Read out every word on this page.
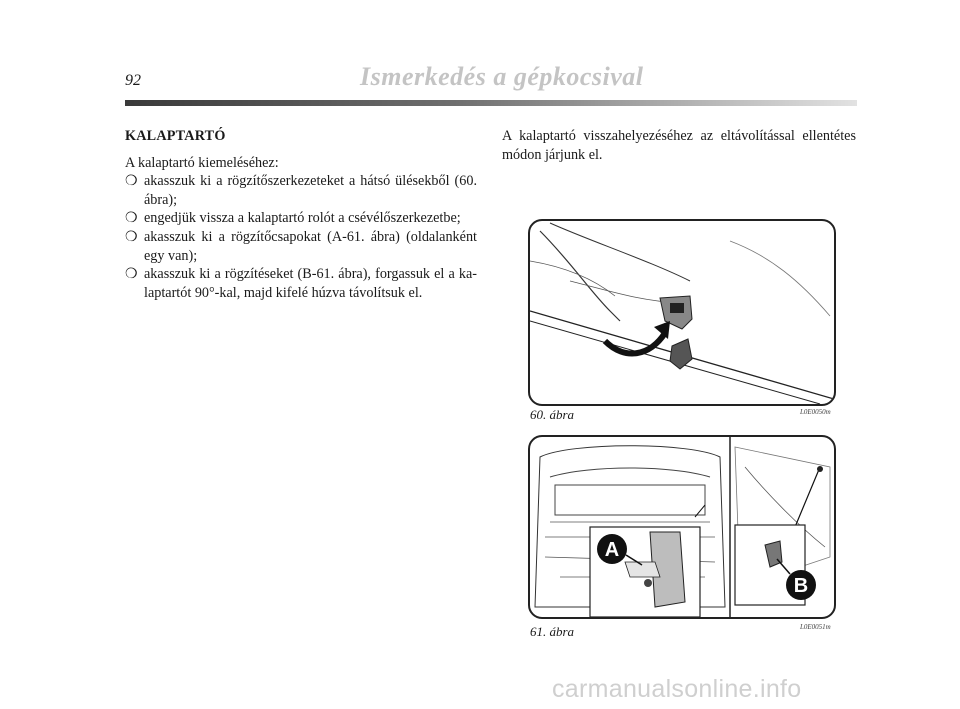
92	Ismerkedés a gépkocsival
KALAPTARTÓ

A kalaptartó kiemeléséhez:

❍ akasszuk ki a rögzítőszerkezeteket a hátsó ülésekből (60. ábra);
❍ engedjük vissza a kalaptartó rolót a csévélőszerkezetbe;
❍ akasszuk ki a rögzítőcsapokat (A-61. ábra) (oldalanként egy van);
❍ akasszuk ki a rögzítéseket (B-61. ábra), forgassuk el a ka-laptartót 90°-kal, majd kifelé húzva távolítsuk el.

A kalaptartó visszahelyezéséhez az eltávolítással ellentétes módon járjunk el.

60. ábra	L0E0050m
A
B
61. ábra	L0E0051m
carmanualsonline.info
